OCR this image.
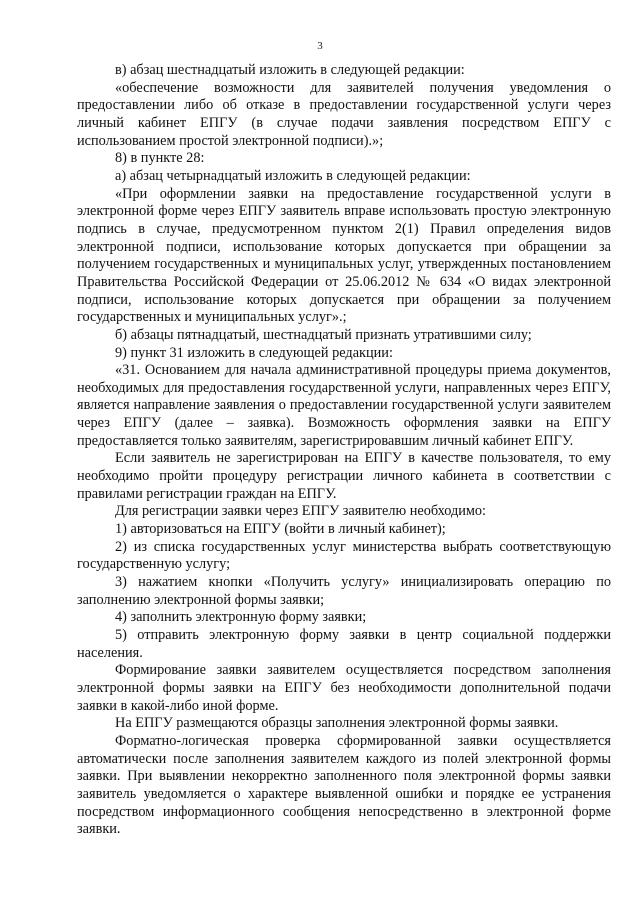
3

в) абзац шестнадцатый изложить в следующей редакции:

«обеспечение возможности для заявителей получения уведомления о предоставлении либо об отказе в предоставлении государственной услуги через личный кабинет ЕПГУ (в случае подачи заявления посредством ЕПГУ с использованием простой электронной подписи).»;

8) в пункте 28:

а) абзац четырнадцатый изложить в следующей редакции:

«При оформлении заявки на предоставление государственной услуги в электронной форме через ЕПГУ заявитель вправе использовать простую электронную подпись в случае, предусмотренном пунктом 2(1) Правил определения видов электронной подписи, использование которых допускается при обращении за получением государственных и муниципальных услуг, утвержденных постановлением Правительства Российской Федерации от 25.06.2012 № 634 «О видах электронной подписи, использование которых допускается при обращении за получением государственных и муниципальных услуг».;

б) абзацы пятнадцатый, шестнадцатый признать утратившими силу;

9) пункт 31 изложить в следующей редакции:

«31. Основанием для начала административной процедуры приема документов, необходимых для предоставления государственной услуги, направленных через ЕПГУ, является направление заявления о предоставлении государственной услуги заявителем через ЕПГУ (далее – заявка). Возможность оформления заявки на ЕПГУ предоставляется только заявителям, зарегистрировавшим личный кабинет ЕПГУ.

Если заявитель не зарегистрирован на ЕПГУ в качестве пользователя, то ему необходимо пройти процедуру регистрации личного кабинета в соответствии с правилами регистрации граждан на ЕПГУ.

Для регистрации заявки через ЕПГУ заявителю необходимо:

1) авторизоваться на ЕПГУ (войти в личный кабинет);

2) из списка государственных услуг министерства выбрать соответствующую государственную услугу;

3) нажатием кнопки «Получить услугу» инициализировать операцию по заполнению электронной формы заявки;

4) заполнить электронную форму заявки;

5) отправить электронную форму заявки в центр социальной поддержки населения.

Формирование заявки заявителем осуществляется посредством заполнения электронной формы заявки на ЕПГУ без необходимости дополнительной подачи заявки в какой-либо иной форме.

На ЕПГУ размещаются образцы заполнения электронной формы заявки.

Форматно-логическая проверка сформированной заявки осуществляется автоматически после заполнения заявителем каждого из полей электронной формы заявки. При выявлении некорректно заполненного поля электронной формы заявки заявитель уведомляется о характере выявленной ошибки и порядке ее устранения посредством информационного сообщения непосредственно в электронной форме заявки.
